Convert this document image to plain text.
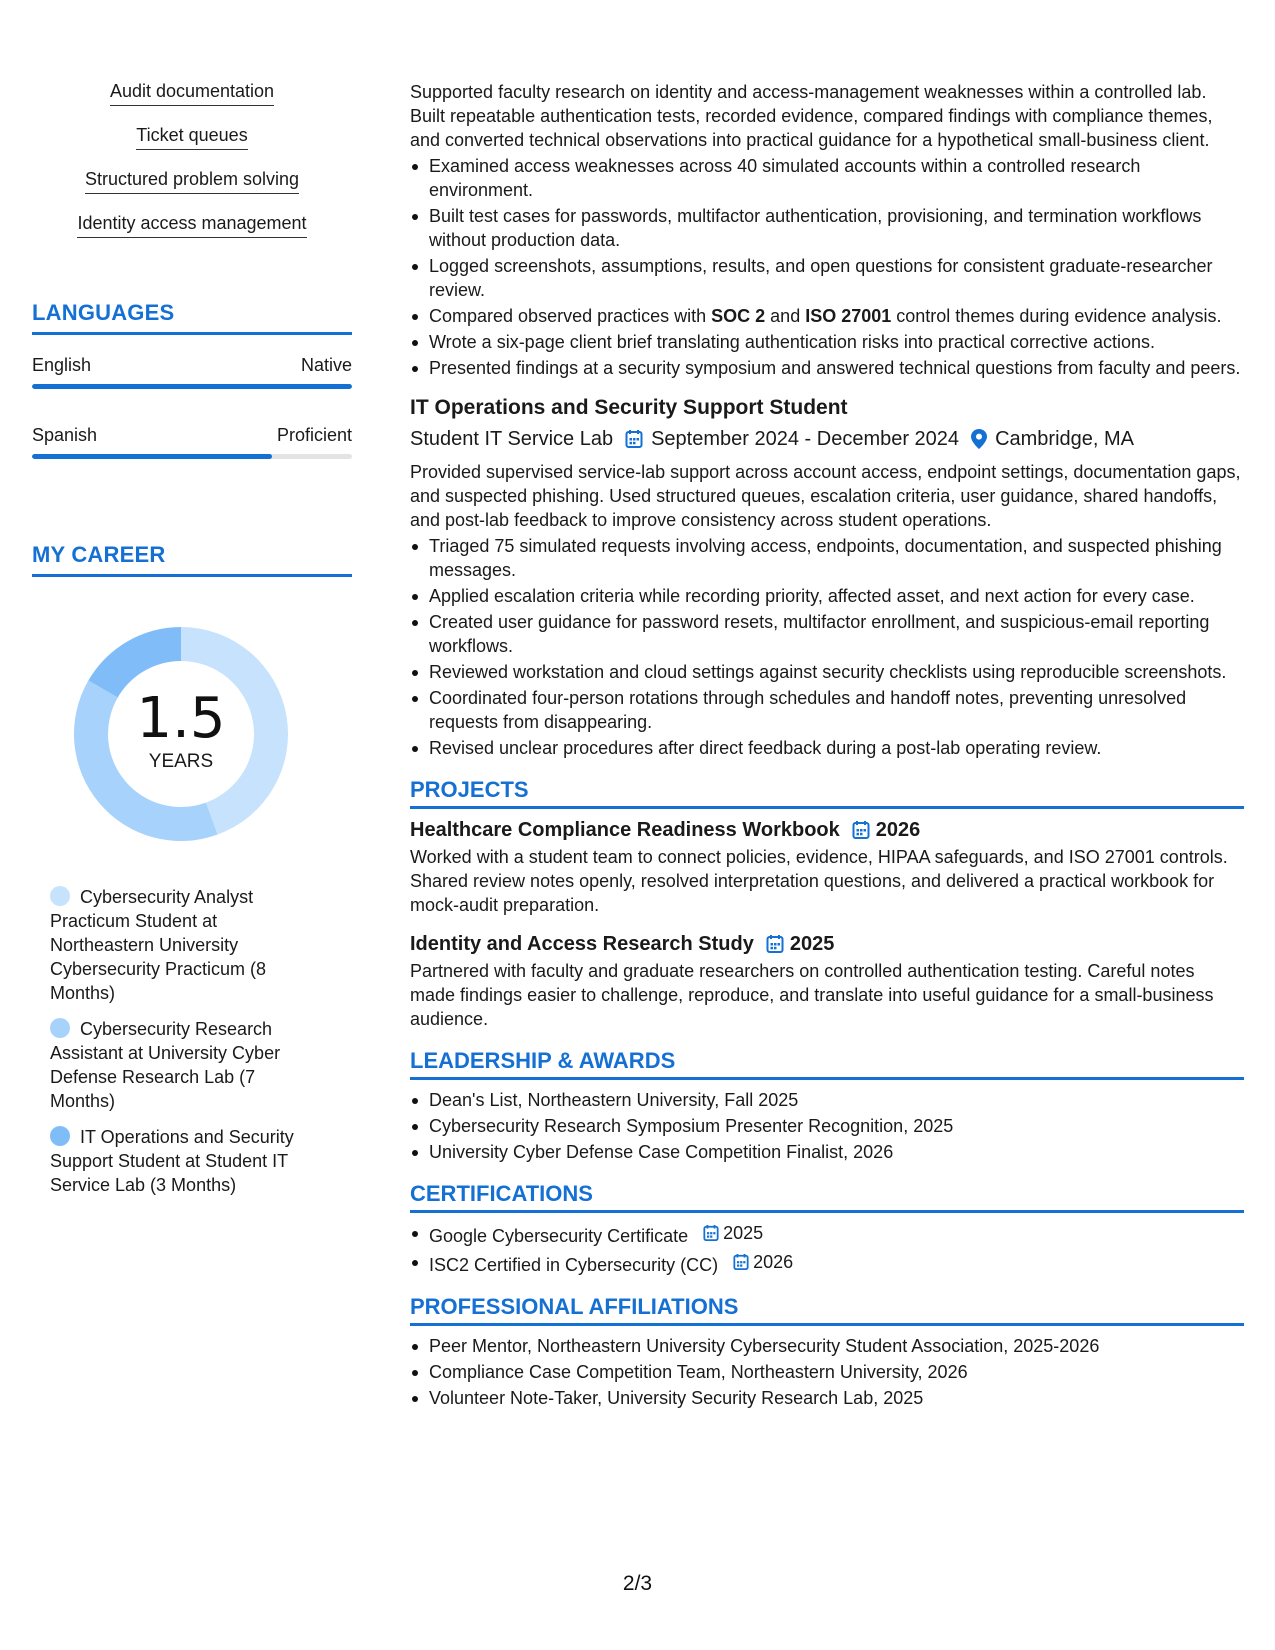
Audit documentation
Ticket queues
Structured problem solving
Identity access management
LANGUAGES
English	Native
Spanish	Proficient
MY CAREER
1.5
YEARS
Cybersecurity Analyst Practicum Student at Northeastern University Cybersecurity Practicum (8 Months)
Cybersecurity Research Assistant at University Cyber Defense Research Lab (7 Months)
IT Operations and Security Support Student at Student IT Service Lab (3 Months)

Supported faculty research on identity and access-management weaknesses within a controlled lab. Built repeatable authentication tests, recorded evidence, compared findings with compliance themes, and converted technical observations into practical guidance for a hypothetical small-business client.

Examined access weaknesses across 40 simulated accounts within a controlled research environment.
Built test cases for passwords, multifactor authentication, provisioning, and termination workflows without production data.
Logged screenshots, assumptions, results, and open questions for consistent graduate-researcher review.
Compared observed practices with SOC 2 and ISO 27001 control themes during evidence analysis.
Wrote a six-page client brief translating authentication risks into practical corrective actions.
Presented findings at a security symposium and answered technical questions from faculty and peers.
IT Operations and Security Support Student
Student IT Service Lab September 2024 - December 2024 Cambridge, MA

Provided supervised service-lab support across account access, endpoint settings, documentation gaps, and suspected phishing. Used structured queues, escalation criteria, user guidance, shared handoffs, and post-lab feedback to improve consistency across student operations.

Triaged 75 simulated requests involving access, endpoints, documentation, and suspected phishing messages.
Applied escalation criteria while recording priority, affected asset, and next action for every case.
Created user guidance for password resets, multifactor enrollment, and suspicious-email reporting workflows.
Reviewed workstation and cloud settings against security checklists using reproducible screenshots.
Coordinated four-person rotations through schedules and handoff notes, preventing unresolved requests from disappearing.
Revised unclear procedures after direct feedback during a post-lab operating review.
PROJECTS
Healthcare Compliance Readiness Workbook 2026

Worked with a student team to connect policies, evidence, HIPAA safeguards, and ISO 27001 controls. Shared review notes openly, resolved interpretation questions, and delivered a practical workbook for mock-audit preparation.

Identity and Access Research Study 2025

Partnered with faculty and graduate researchers on controlled authentication testing. Careful notes made findings easier to challenge, reproduce, and translate into useful guidance for a small-business audience.

LEADERSHIP & AWARDS
Dean's List, Northeastern University, Fall 2025
Cybersecurity Research Symposium Presenter Recognition, 2025
University Cyber Defense Case Competition Finalist, 2026
CERTIFICATIONS
Google Cybersecurity Certificate 2025
ISC2 Certified in Cybersecurity (CC) 2026
PROFESSIONAL AFFILIATIONS
Peer Mentor, Northeastern University Cybersecurity Student Association, 2025-2026
Compliance Case Competition Team, Northeastern University, 2026
Volunteer Note-Taker, University Security Research Lab, 2025
2/3
